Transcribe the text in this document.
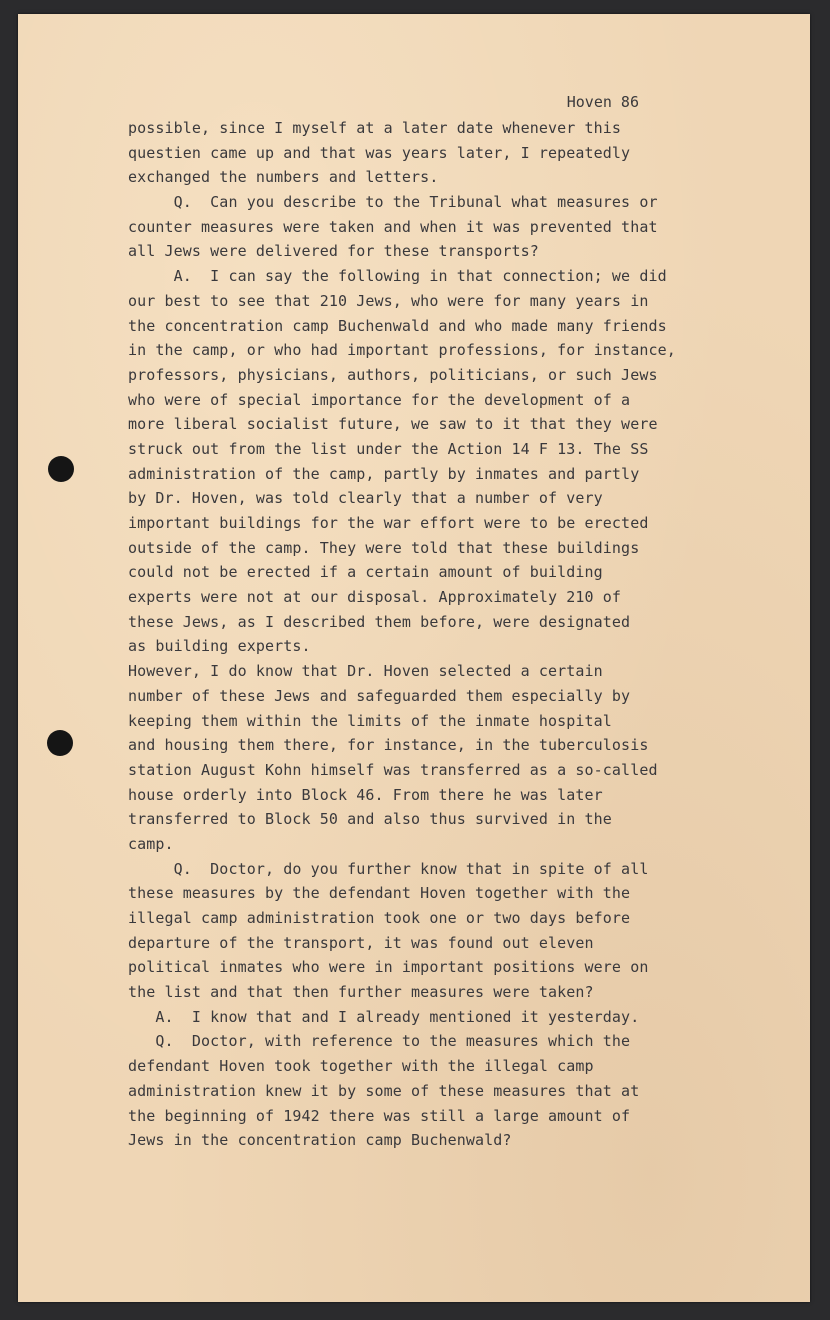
Hoven 86
possible, since I myself at a later date whenever this
questien came up and that was years later, I repeatedly
exchanged the numbers and letters.
Q.  Can you describe to the Tribunal what measures or
counter measures were taken and when it was prevented that
all Jews were delivered for these transports?
A.  I can say the following in that connection; we did
our best to see that 210 Jews, who were for many years in
the concentration camp Buchenwald and who made many friends
in the camp, or who had important professions, for instance,
professors, physicians, authors, politicians, or such Jews
who were of special importance for the development of a
more liberal socialist future, we saw to it that they were
struck out from the list under the Action 14 F 13. The SS
administration of the camp, partly by inmates and partly
by Dr. Hoven, was told clearly that a number of very
important buildings for the war effort were to be erected
outside of the camp. They were told that these buildings
could not be erected if a certain amount of building
experts were not at our disposal. Approximately 210 of
these Jews, as I described them before, were designated
as building experts.
However, I do know that Dr. Hoven selected a certain
number of these Jews and safeguarded them especially by
keeping them within the limits of the inmate hospital
and housing them there, for instance, in the tuberculosis
station August Kohn himself was transferred as a so-called
house orderly into Block 46. From there he was later
transferred to Block 50 and also thus survived in the
camp.
Q.  Doctor, do you further know that in spite of all
these measures by the defendant Hoven together with the
illegal camp administration took one or two days before
departure of the transport, it was found out eleven
political inmates who were in important positions were on
the list and that then further measures were taken?
A.  I know that and I already mentioned it yesterday.
Q.  Doctor, with reference to the measures which the
defendant Hoven took together with the illegal camp
administration knew it by some of these measures that at
the beginning of 1942 there was still a large amount of
Jews in the concentration camp Buchenwald?
